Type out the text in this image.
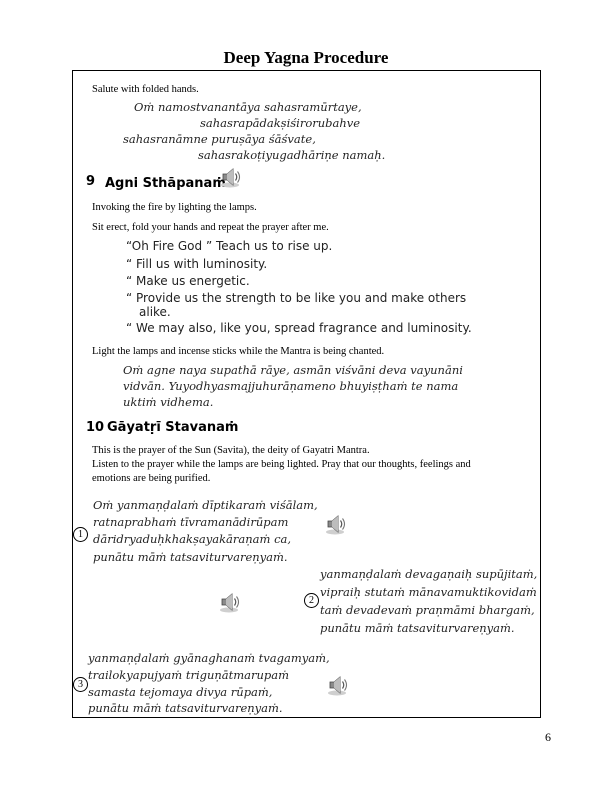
Deep Yagna Procedure
Salute with folded hands.
Oṁ namostvanantāya sahasramūrtaye,
sahasrapādakṣiśirorubahve
sahasranāmne puruṣāya śāśvate,
sahasrakoṭiyugadhāriṇe namaḥ.
9 Agni Sthāpanaṁ
Invoking the fire by lighting the lamps.
Sit erect, fold your hands and repeat the prayer after me.
“Oh Fire God ” Teach us to rise up.
“ Fill us with luminosity.
“ Make us energetic.
“ Provide us the strength to be like you and make others
alike.
“ We may also, like you, spread fragrance and luminosity.
Light the lamps and incense sticks while the Mantra is being chanted.
Oṁ agne naya supathā rāye, asmān viśvāni deva vayunāni
vidvān. Yuyodhyasmajjuhurāṇameno bhuyiṣṭhaṁ te nama
uktiṁ vidhema.
10 Gāyatṛī Stavanaṁ
This is the prayer of the Sun (Savita), the deity of Gayatri Mantra.
Listen to the prayer while the lamps are being lighted. Pray that our thoughts, feelings and
emotions are being purified.
Oṁ yanmaṇḍalaṁ dīptikaraṁ viśālam,
ratnaprabhaṁ tīvramanādirūpam
dāridryaduḥkhakṣayakāraṇaṁ ca,
punātu māṁ tatsaviturvareṇyaṁ.
1
yanmaṇḍalaṁ devagaṇaiḥ supūjitaṁ,
vipraiḥ stutaṁ mānavamuktikovidaṁ
taṁ devadevaṁ praṇmāmi bhargaṁ,
punātu māṁ tatsaviturvareṇyaṁ.
2
yanmaṇḍalaṁ gyānaghanaṁ tvagamyaṁ,
trailokyapujyaṁ triguṇātmarupaṁ
samasta tejomaya divya rūpaṁ,
punātu māṁ tatsaviturvareṇyaṁ.
3
6
